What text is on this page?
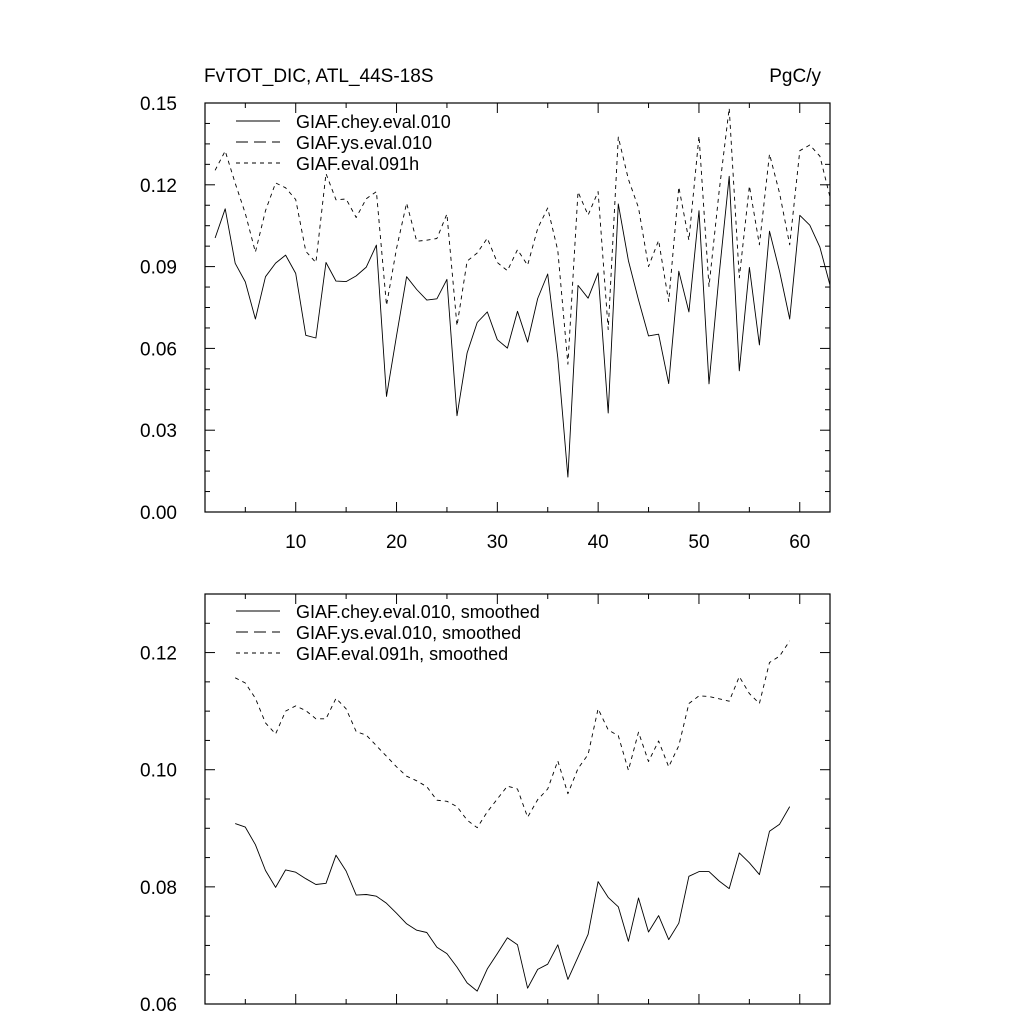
FvTOT_DIC, ATL_44S-18S	PgC/y
10	20	30	40	50	60
0.00
0.03
0.06
0.09
0.12
0.15
GIAF.chey.eval.010
GIAF.ys.eval.010
GIAF.eval.091h
0.06
0.08
0.10
0.12
GIAF.chey.eval.010, smoothed
GIAF.ys.eval.010, smoothed
GIAF.eval.091h, smoothed
